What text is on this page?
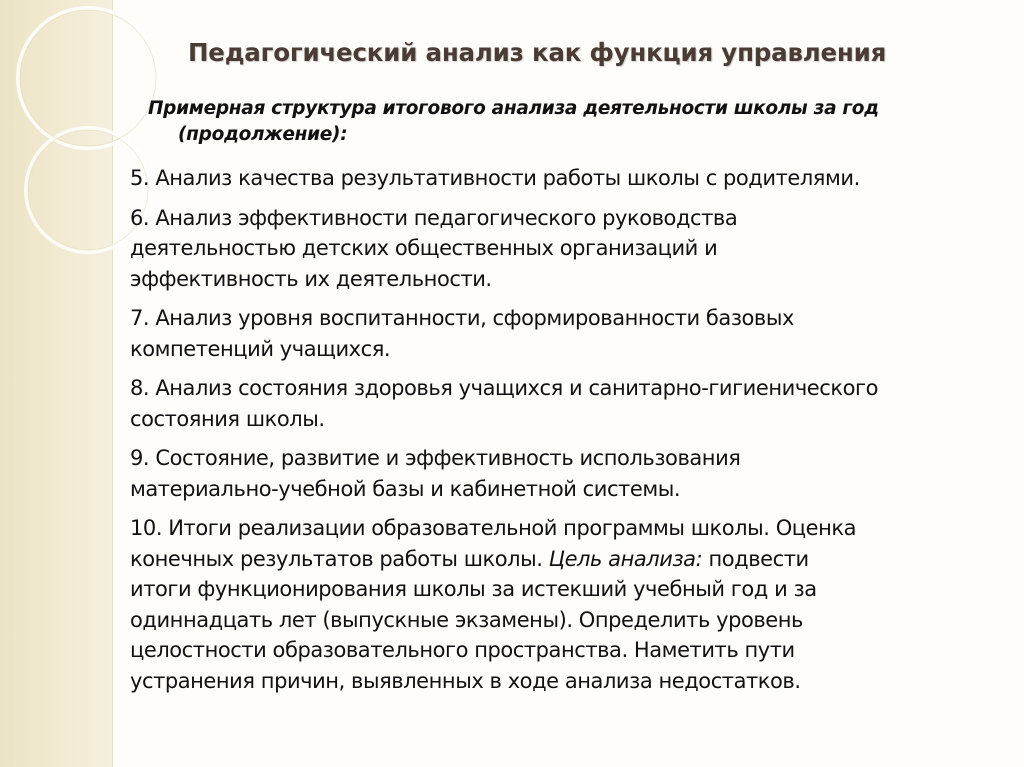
Педагогический анализ как функция управления
Примерная структура итогового анализа деятельности школы за год
(продолжение):
5. Анализ качества результативности работы школы с родителями.
6. Анализ эффективности педагогического руководства
деятельностью детских общественных организаций и
эффективность их деятельности.
7. Анализ уровня воспитанности, сформированности базовых
компетенций учащихся.
8. Анализ состояния здоровья учащихся и санитарно-гигиенического
состояния школы.
9. Состояние, развитие и эффективность использования
материально-учебной базы и кабинетной системы.
10. Итоги реализации образовательной программы школы. Оценка
конечных результатов работы школы. Цель анализа: подвести
итоги функционирования школы за истекший учебный год и за
одиннадцать лет (выпускные экзамены). Определить уровень
целостности образовательного пространства. Наметить пути
устранения причин, выявленных в ходе анализа недостатков.
